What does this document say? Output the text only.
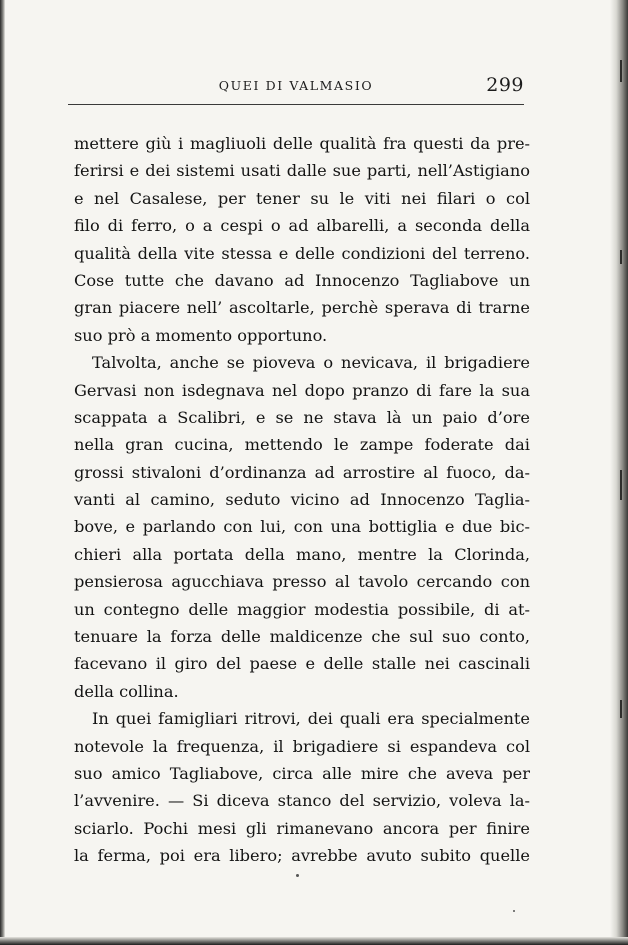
QUEI DI VALMASIO	299
mettere giù i magliuoli delle qualità fra questi da pre-
ferirsi e dei sistemi usati dalle sue parti, nell’Astigiano
e nel Casalese, per tener su le viti nei filari o col
filo di ferro, o a cespi o ad albarelli, a seconda della
qualità della vite stessa e delle condizioni del terreno.
Cose tutte che davano ad Innocenzo Tagliabove un
gran piacere nell’ ascoltarle, perchè sperava di trarne
suo prò a momento opportuno.
Talvolta, anche se pioveva o nevicava, il brigadiere
Gervasi non isdegnava nel dopo pranzo di fare la sua
scappata a Scalibri, e se ne stava là un paio d’ore
nella gran cucina, mettendo le zampe foderate dai
grossi stivaloni d’ordinanza ad arrostire al fuoco, da-
vanti al camino, seduto vicino ad Innocenzo Taglia-
bove, e parlando con lui, con una bottiglia e due bic-
chieri alla portata della mano, mentre la Clorinda,
pensierosa agucchiava presso al tavolo cercando con
un contegno delle maggior modestia possibile, di at-
tenuare la forza delle maldicenze che sul suo conto,
facevano il giro del paese e delle stalle nei cascinali
della collina.
In quei famigliari ritrovi, dei quali era specialmente
notevole la frequenza, il brigadiere si espandeva col
suo amico Tagliabove, circa alle mire che aveva per
l’avvenire. — Si diceva stanco del servizio, voleva la-
sciarlo. Pochi mesi gli rimanevano ancora per finire
la ferma, poi era libero; avrebbe avuto subito quelle
